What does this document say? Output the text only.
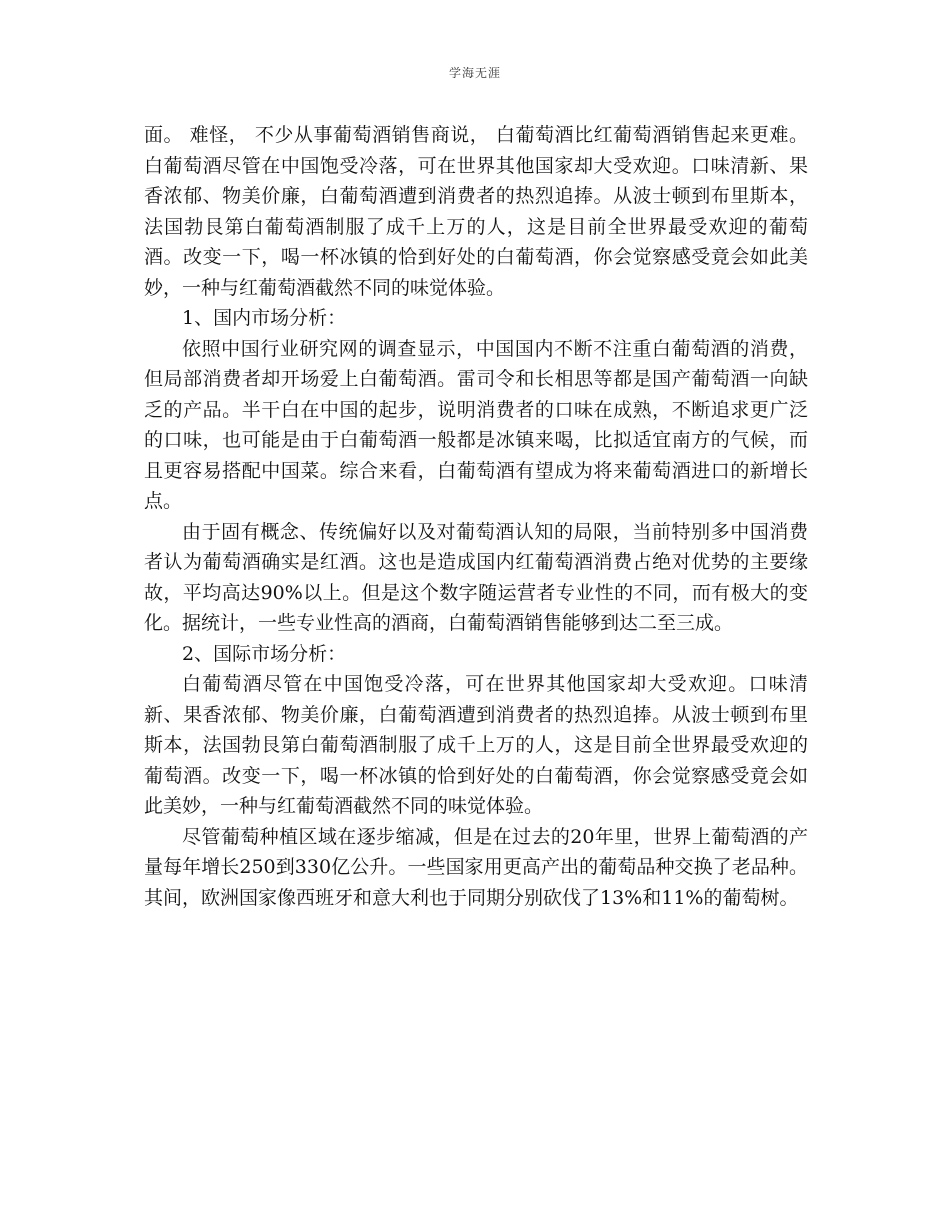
学海无涯

面。 难怪， 不少从事葡萄酒销售商说， 白葡萄酒比红葡萄酒销售起来更难。白葡萄酒尽管在中国饱受冷落，可在世界其他国家却大受欢迎。口味清新、果香浓郁、物美价廉，白葡萄酒遭到消费者的热烈追捧。从波士顿到布里斯本，法国勃艮第白葡萄酒制服了成千上万的人，这是目前全世界最受欢迎的葡萄酒。改变一下，喝一杯冰镇的恰到好处的白葡萄酒，你会觉察感受竟会如此美妙，一种与红葡萄酒截然不同的味觉体验。

1、国内市场分析：

依照中国行业研究网的调查显示，中国国内不断不注重白葡萄酒的消费，但局部消费者却开场爱上白葡萄酒。雷司令和长相思等都是国产葡萄酒一向缺乏的产品。半干白在中国的起步，说明消费者的口味在成熟，不断追求更广泛的口味，也可能是由于白葡萄酒一般都是冰镇来喝，比拟适宜南方的气候，而且更容易搭配中国菜。综合来看，白葡萄酒有望成为将来葡萄酒进口的新增长点。

由于固有概念、传统偏好以及对葡萄酒认知的局限，当前特别多中国消费者认为葡萄酒确实是红酒。这也是造成国内红葡萄酒消费占绝对优势的主要缘故，平均高达90%以上。但是这个数字随运营者专业性的不同，而有极大的变化。据统计，一些专业性高的酒商，白葡萄酒销售能够到达二至三成。

2、国际市场分析：

白葡萄酒尽管在中国饱受冷落，可在世界其他国家却大受欢迎。口味清新、果香浓郁、物美价廉，白葡萄酒遭到消费者的热烈追捧。从波士顿到布里斯本，法国勃艮第白葡萄酒制服了成千上万的人，这是目前全世界最受欢迎的葡萄酒。改变一下，喝一杯冰镇的恰到好处的白葡萄酒，你会觉察感受竟会如此美妙，一种与红葡萄酒截然不同的味觉体验。

尽管葡萄种植区域在逐步缩减，但是在过去的20年里，世界上葡萄酒的产量每年增长250到330亿公升。一些国家用更高产出的葡萄品种交换了老品种。其间，欧洲国家像西班牙和意大利也于同期分别砍伐了13%和11%的葡萄树。
